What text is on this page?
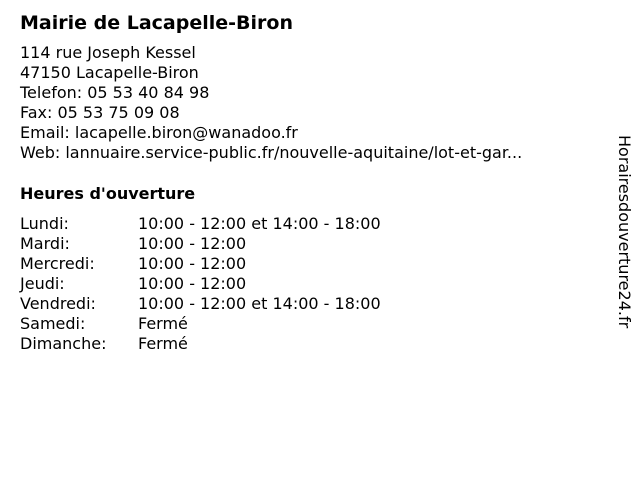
Mairie de Lacapelle-Biron
114 rue Joseph Kessel
47150 Lacapelle-Biron
Telefon: 05 53 40 84 98
Fax: 05 53 75 09 08
Email: lacapelle.biron@wanadoo.fr
Web: lannuaire.service-public.fr/nouvelle-aquitaine/lot-et-gar...
Heures d'ouverture
Lundi:	10:00 - 12:00 et 14:00 - 18:00
Mardi:	10:00 - 12:00
Mercredi:	10:00 - 12:00
Jeudi:	10:00 - 12:00
Vendredi:	10:00 - 12:00 et 14:00 - 18:00
Samedi:	Fermé
Dimanche: Fermé
Horairesdouverture24.fr
